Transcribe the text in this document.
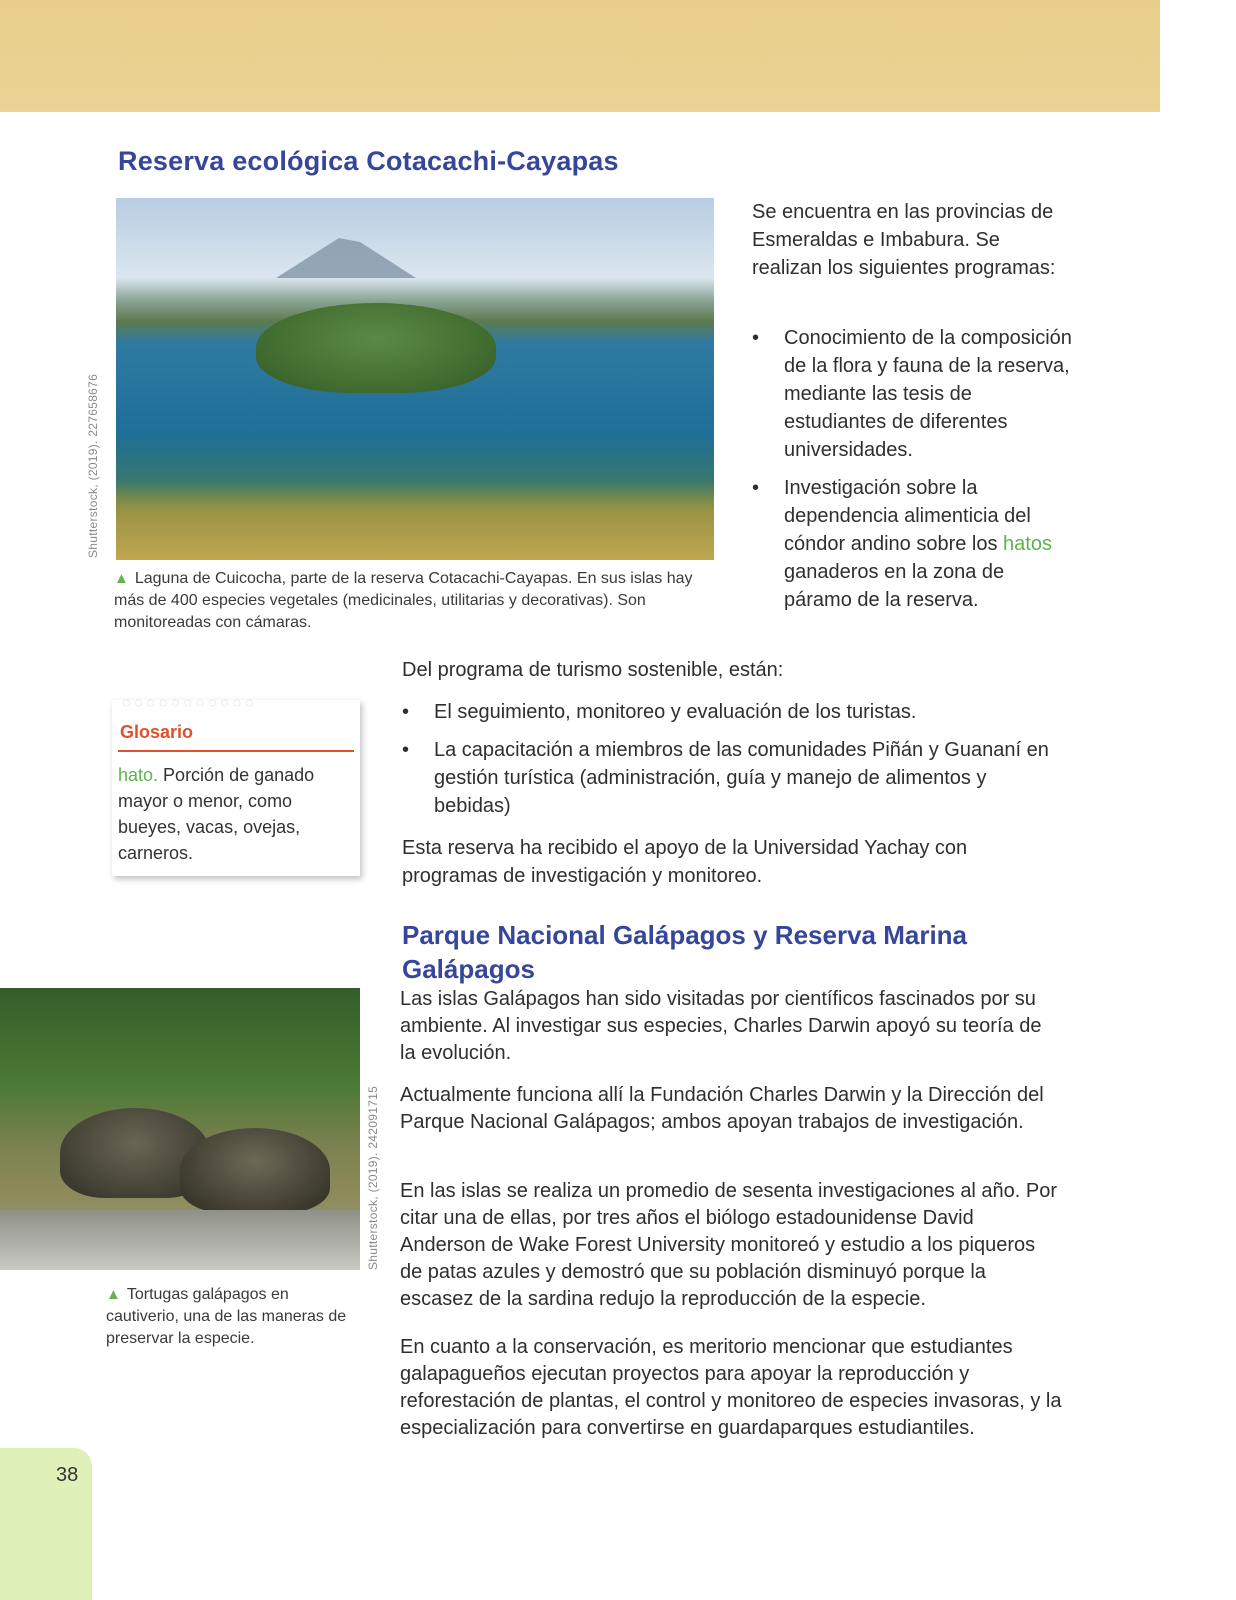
Reserva ecológica Cotacachi-Cayapas
Shutterstock, (2019). 227658676

▲ Laguna de Cuicocha, parte de la reserva Cotacachi-Cayapas. En sus islas hay más de 400 especies vegetales (medicinales, utilitarias y decorativas). Son monitoreadas con cámaras.

Se encuentra en las provincias de Esmeraldas e Imbabura. Se realizan los siguientes programas:

• Conocimiento de la composición de la flora y fauna de la reserva, mediante las tesis de estudiantes de diferentes universidades.
• Investigación sobre la dependencia alimenticia del cóndor andino sobre los hatos ganaderos en la zona de páramo de la reserva.

Del programa de turismo sostenible, están:

• El seguimiento, monitoreo y evaluación de los turistas.
• La capacitación a miembros de las comunidades Piñán y Guananí en gestión turística (administración, guía y manejo de alimentos y bebidas)

Esta reserva ha recibido el apoyo de la Universidad Yachay con programas de investigación y monitoreo.

◌◌◌◌◌◌◌◌◌◌◌

Glosario

hato. Porción de ganado mayor o menor, como bueyes, vacas, ovejas, carneros.

Parque Nacional Galápagos y Reserva Marina Galápagos
Shutterstock, (2019). 242091715

▲ Tortugas galápagos en cautiverio, una de las maneras de preservar la especie.

Las islas Galápagos han sido visitadas por científicos fascinados por su ambiente. Al investigar sus especies, Charles Darwin apoyó su teoría de la evolución.

Actualmente funciona allí la Fundación Charles Darwin y la Dirección del Parque Nacional Galápagos; ambos apoyan trabajos de investigación.

En las islas se realiza un promedio de sesenta investigaciones al año. Por citar una de ellas, por tres años el biólogo estadounidense David Anderson de Wake Forest University monitoreó y estudio a los piqueros de patas azules y demostró que su población disminuyó porque la escasez de la sardina redujo la reproducción de la especie.

En cuanto a la conservación, es meritorio mencionar que estudiantes galapagueños ejecutan proyectos para apoyar la reproducción y reforestación de plantas, el control y monitoreo de especies invasoras, y la especialización para convertirse en guardaparques estudiantiles.

38
